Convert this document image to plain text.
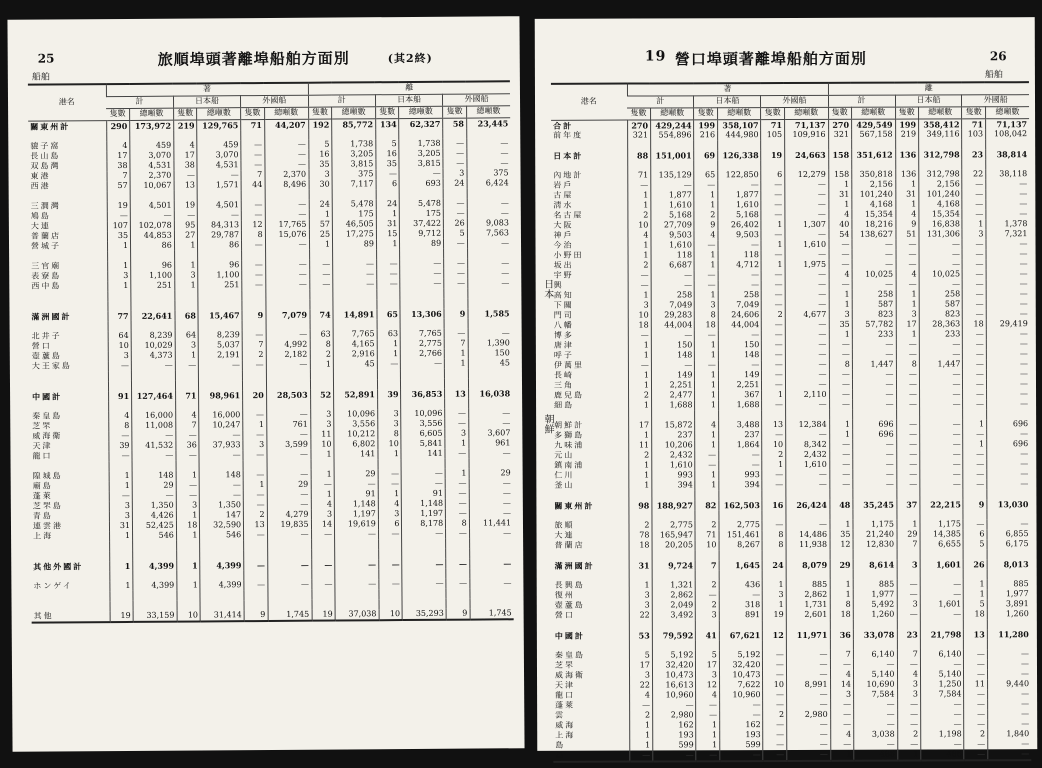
25
船舶
旅順埠頭著離埠船舶方面別	(其2終)
港名	著						離					
	計		日本船		外國船		計		日本船		外國船	
	隻數	總噸數	隻數	總噸數	隻數	總噸數	隻數	總噸數	隻數	總噸數	隻數	總噸數
關東州計	290	173,972	219	129,765	71	44,207	192	85,772	134	62,327	58	23,445

貔子窩	4	459	4	459	—	—	5	1,738	5	1,738	—	—
長山島	17	3,070	17	3,070	—	—	16	3,205	16	3,205	—	—
双島灣	38	4,531	38	4,531	—	—	35	3,815	35	3,815	—	—
東港	7	2,370	—	—	7	2,370	3	375	—	—	3	375
西港	57	10,067	13	1,571	44	8,496	30	7,117	6	693	24	6,424

三澗灣	19	4,501	19	4,501	—	—	24	5,478	24	5,478	—	—
鳩島	—	—	—	—	—	—	1	175	1	175	—	—
大連	107	102,078	95	84,313	12	17,765	57	46,505	31	37,422	26	9,083
普蘭店	35	44,853	27	29,787	8	15,076	25	17,275	15	9,712	5	7,563
營城子	1	86	1	86	—	—	1	89	1	89	—	—

三官廟	1	96	1	96	—	—	—	—	—	—	—	—
表寮島	3	1,100	3	1,100	—	—	—	—	—	—	—	—
西中島	1	251	1	251	—	—	—	—	—	—	—	—

滿洲國計	77	22,641	68	15,467	9	7,079	74	14,891	65	13,306	9	1,585

北井子	64	8,239	64	8,239	—	—	63	7,765	63	7,765	—	—
營口	10	10,029	3	5,037	7	4,992	8	4,165	1	2,775	7	1,390
壺蘆島	3	4,373	1	2,191	2	2,182	2	2,916	1	2,766	1	150
大王家島	—	—	—	—	—	—	1	45	—	—	1	45

中國計	91	127,464	71	98,961	20	28,503	52	52,891	39	36,853	13	16,038

秦皇島	4	16,000	4	16,000	—	—	3	10,096	3	10,096	—	—
芝罘	8	11,008	7	10,247	1	761	3	3,556	3	3,556	—	—
威海衛	—	—	—	—	—	—	11	10,212	8	6,605	3	3,607
天津	39	41,532	36	37,933	3	3,599	10	6,802	10	5,841	1	961
龍口	—	—	—	—	—	—	1	141	1	141	—	—

隍城島	1	148	1	148	—	—	1	29	—	—	1	29
廟島	1	29	—	—	1	29	—	—	—	—	—	—
蓬萊	—	—	—	—	—	—	1	91	1	91	—	—
芝罘島	3	1,350	3	1,350	—	—	4	1,148	4	1,148	—	—
青島	3	4,426	1	147	2	4,279	3	1,197	3	1,197	—	—
連雲港	31	52,425	18	32,590	13	19,835	14	19,619	6	8,178	8	11,441
上海	1	546	1	546	—	—	—	—	—	—	—	—

其他外國計	1	4,399	1	4,399	—	—	—	—	—	—	—	—

ホンゲイ	1	4,399	1	4,399	—	—	—	—	—	—	—	—

其他	19	33,159	10	31,414	9	1,745	19	37,038	10	35,293	9	1,745
19 營口埠頭著離埠船舶方面別	26
船舶
日本
朝鮮
港名	著						離					
	計		日本船		外國船		計		日本船		外國船	
	隻數	總噸數	隻數	總噸數	隻數	總噸數	隻數	總噸數	隻數	總噸數	隻數	總噸數
合計	270	429,244	199	358,107	71	71,137	270	429,549	199	358,412	71	71,137
前年度	321	554,896	216	444,980	105	109,916	321	567,158	219	349,116	103	108,042

日本計	88	151,001	69	126,338	19	24,663	158	351,612	136	312,798	23	38,814

內地計	71	135,129	65	122,850	6	12,279	158	350,818	136	312,798	22	38,118
岩戶	—	—	—	—	—	—	1	2,156	1	2,156	—	—
古屋	1	1,877	1	1,877	—	—	31	101,240	31	101,240	—	—
淸水	1	1,610	1	1,610	—	—	1	4,168	1	4,168	—	—
名古屋	2	5,168	2	5,168	—	—	4	15,354	4	15,354	—	—
大阪	10	27,709	9	26,402	1	1,307	40	18,216	9	16,838	1	1,378
神戶	4	9,503	4	9,503	—	—	54	138,627	51	131,306	3	7,321
今治	1	1,610	—	—	1	1,610	—	—	—	—	—	—
小野田	1	118	1	118	—	—	—	—	—	—	—	—
坂出	2	6,687	1	4,712	1	1,975	—	—	—	—	—	—
宇野	—	—	—	—	—	—	4	10,025	4	10,025	—	—
興	—	—	—	—	—	—	—	—	—	—	—	—
高知	1	258	1	258	—	—	1	258	1	258	—	—
下關	3	7,049	3	7,049	—	—	1	587	1	587	—	—
門司	10	29,283	8	24,606	2	4,677	3	823	3	823	—	—
八幡	18	44,004	18	44,004	—	—	35	57,782	17	28,363	18	29,419
博多	—	—	—	—	—	—	1	233	1	233	—	—
唐津	1	150	1	150	—	—	—	—	—	—	—	—
呼子	1	148	1	148	—	—	—	—	—	—	—	—
伊萬里	—	—	—	—	—	—	8	1,447	8	1,447	—	—
長崎	1	149	1	149	—	—	—	—	—	—	—	—
三角	1	2,251	1	2,251	—	—	—	—	—	—	—	—
鹿兒島	2	2,477	1	367	1	2,110	—	—	—	—	—	—
細島	1	1,688	1	1,688	—	—	—	—	—	—	—	—

朝鮮計	17	15,872	4	3,488	13	12,384	1	696	—	—	1	696
多獅島	1	237	1	237	—	—	1	696	—	—	—	—
九味浦	11	10,206	1	1,864	10	8,342	—	—	—	—	1	696
元山	2	2,432	—	—	2	2,432	—	—	—	—	—	—
鎮南浦	1	1,610	—	—	1	1,610	—	—	—	—	—	—
仁川	1	993	1	993	—	—	—	—	—	—	—	—
釜山	1	394	1	394	—	—	—	—	—	—	—	—

關東州計	98	188,927	82	162,503	16	26,424	48	35,245	37	22,215	9	13,030

旅順	2	2,775	2	2,775	—	—	1	1,175	1	1,175	—	—
大連	78	165,947	71	151,461	8	14,486	35	21,240	29	14,385	6	6,855
普蘭店	18	20,205	10	8,267	8	11,938	12	12,830	7	6,655	5	6,175

滿洲國計	31	9,724	7	1,645	24	8,079	29	8,614	3	1,601	26	8,013

長興島	1	1,321	2	436	1	885	1	885	—	—	1	885
復州	3	2,862	—	—	3	2,862	1	1,977	—	—	1	1,977
壺蘆島	3	2,049	2	318	1	1,731	8	5,492	3	1,601	5	3,891
營口	22	3,492	3	891	19	2,601	18	1,260	—	—	18	1,260

中國計	53	79,592	41	67,621	12	11,971	36	33,078	23	21,798	13	11,280

秦皇島	5	5,192	5	5,192	—	—	7	6,140	7	6,140	—	—
芝罘	17	32,420	17	32,420	—	—	—	—	—	—	—	—
威海衛	3	10,473	3	10,473	—	—	4	5,140	4	5,140	—	—
天津	22	16,613	12	7,622	10	8,991	14	10,690	3	1,250	11	9,440
龍口	4	10,960	4	10,960	—	—	3	7,584	3	7,584	—	—
蓬萊	—	—	—	—	—	—	—	—	—	—	—	—
雲	2	2,980	—	—	2	2,980	—	—	—	—	—	—
威海	1	162	1	162	—	—	—	—	—	—	—	—
上海	1	193	1	193	—	—	4	3,038	2	1,198	2	1,840
島	1	599	1	599	—	—	—	—	—	—	—	—
口	—	—	—	—	—	—	1	486	1	486	—	—
